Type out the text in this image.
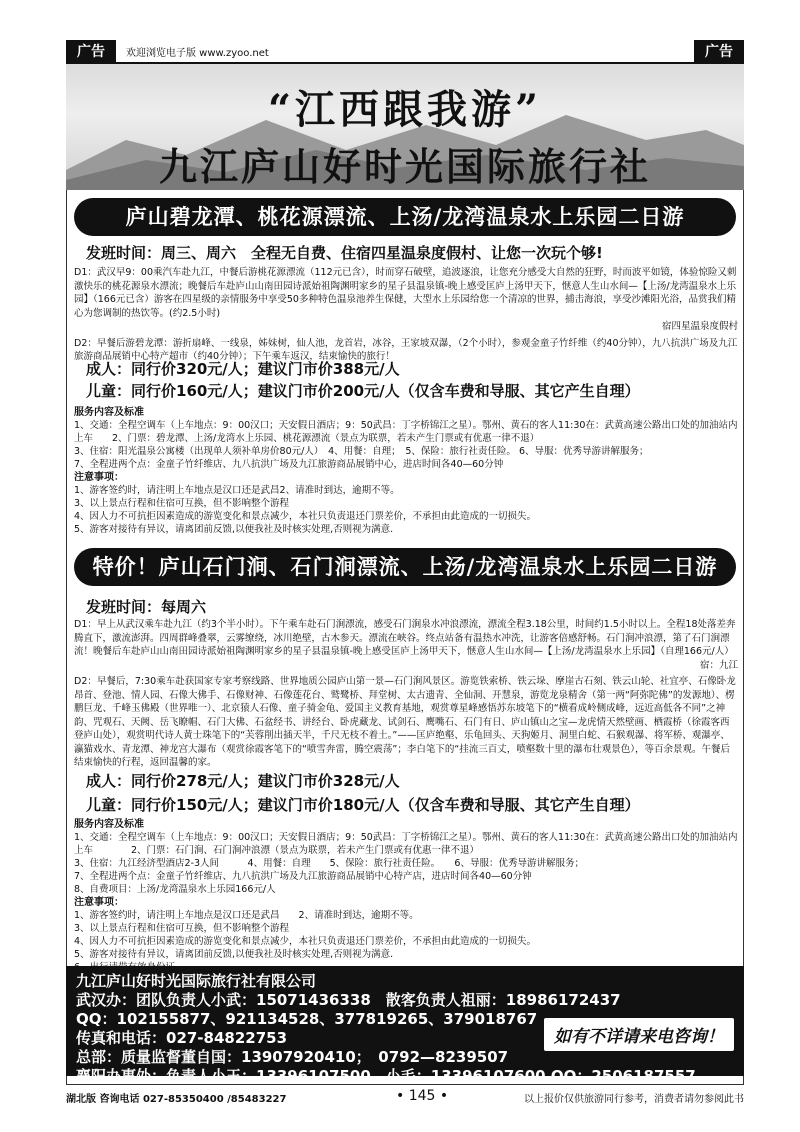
广告	欢迎浏览电子版 www.zyoo.net	广告
“江西跟我游”
九江庐山好时光国际旅行社
庐山碧龙潭、桃花源漂流、上汤/龙湾温泉水上乐园二日游
发班时间：周三、周六　全程无自费、住宿四星温泉度假村、让您一次玩个够!

D1：武汉早9：00乘汽车赴九江，中餐后游桃花源漂流（112元已含），时而穿石破壁，追波逐浪，让您充分感受大自然的狂野，时而波平如镜，体验惊险又刺激快乐的桃花源泉水漂流；晚餐后车赴庐山山南田园诗派始祖陶渊明家乡的星子县温泉镇-晚上感受匡庐上汤甲天下，惬意人生山水间—【上汤/龙湾温泉水上乐园】（166元已含）游客在四星级的亲情服务中享受50多种特色温泉池养生保健，大型水上乐园给您一个清凉的世界，捕击海浪，享受沙滩阳光浴，品赏我们精心为您调制的热饮等。(约2.5小时)

宿四星温泉度假村

D2：早餐后游碧龙潭：游折扇峰、一线泉，姊妹树，仙人池，龙首岩，冰谷，王家坡双瀑，（2个小时），参观金童子竹纤维（约40分钟），九八抗洪广场及九江旅游商品展销中心特产超市（约40分钟）；下午乘车返汉，结束愉快的旅行！

成人：同行价320元/人；建议门市价388元/人
儿童：同行价160元/人；建议门市价200元/人（仅含车费和导服、其它产生自理）
服务内容及标准
1、交通：全程空调车（上车地点：9：00汉口；天安假日酒店；9：50武昌：丁字桥锦江之星）。鄂州、黄石的客人11:30在：武黄高速公路出口处的加油站内上车　　2、门票：碧龙潭、上汤/龙湾水上乐园、桃花源漂流（景点为联票，若未产生门票或有优惠一律不退）
3、住宿：阳光温泉公寓楼（出现单人须补单房价80元/人）　4、用餐：自理；　5、保险：旅行社责任险。 6、导服：优秀导游讲解服务；
7、全程进两个点：金童子竹纤维店、九八抗洪广场及九江旅游商品展销中心，进店时间各40—60分钟
注意事项：
1、游客签约时，请注明上车地点是汉口还是武昌2、请准时到达，逾期不等。
3、以上景点行程和住宿可互换，但不影响整个游程
4、因人力不可抗拒因素造成的游览变化和景点减少，本社只负责退还门票差价，不承担由此造成的一切损失。
5、游客对接待有异议，请离团前反馈,以便我社及时核实处理,否则视为满意.
特价！庐山石门涧、石门涧漂流、上汤/龙湾温泉水上乐园二日游
发班时间：每周六

D1：早上从武汉乘车赴九江（约3个半小时）。下午乘车赴石门涧漂流，感受石门涧泉水冲浪漂流，漂流全程3.18公里，时间约1.5小时以上。全程18处落差奔腾直下，激流澎湃。四周群峰叠翠，云雾缭绕，冰川绝壁，古木参天。漂流在峡谷。终点站备有温热水冲洗，让游客倍感舒畅。石门涧冲浪漂，第了石门涧漂流！晚餐后车赴庐山山南田园诗派始祖陶渊明家乡的星子县温泉镇-晚上感受匡庐上汤甲天下，惬意人生山水间—【上汤/龙湾温泉水上乐园】（自理166元/人）

宿：九江

D2：早餐后，7:30乘车赴获国家专家考察线路、世界地质公园庐山第一景—石门涧风景区。游览铁索桥、铁云垛、摩崖古石刻、铁云山轮、社宜亭、石像卧龙昂首、登池、情人园、石像大佛手、石像财神、石像莲花台、鹫鹭桥、拜堂树、太古遗青、全仙洞、开慧泉，游览龙泉精舍（第一两“阿弥陀佛”的发源地）、楞鹏巨龙、千峰玉佛殿（世界唯一）、北京猿人石像、童子骑金龟、爱国主义教育基地，观赏尊星峰感悟苏东坡笔下的“横看成岭侧成峰，远近高低各不同”之神韵、咒观石、天阙、岳飞瞭帽、石门大佛、石盆经书、讲经台、卧虎藏龙、试剑石、鹰嘴石、石门有日、庐山镇山之宝—龙虎情天然壁画、栖霞桥（徐霞客西登庐山处），观赏明代诗人黄士珠笔下的“芙蓉削出插天半，千尺无枝不着土。”——匡庐绝壑、乐龟回头、天狗姬月、洞里白蛇、石猴观瀑、将军桥、观瀑亭、瀛猫戏水、青龙潭、神龙宫大瀑布（观赏徐霞客笔下的“喷雪奔雷，腾空震荡”；李白笔下的“挂流三百丈，喷壑数十里的瀑布壮观景色），等百余景观。午餐后结束愉快的行程，返回温馨的家。

成人：同行价278元/人；建议门市价328元/人
儿童：同行价150元/人；建议门市价180元/人（仅含车费和导服、其它产生自理）
服务内容及标准
1、交通：全程空调车（上车地点：9：00汉口；天安假日酒店；9：50武昌：丁字桥锦江之星）。鄂州、黄石的客人11:30在：武黄高速公路出口处的加油站内上车　　　　2、门票：石门涧、石门涧冲浪漂（景点为联票，若未产生门票或有优惠一律不退）
3、住宿：九江经济型酒店2-3人间　　　4、用餐：自理　　5、保险：旅行社责任险。　　6、导服：优秀导游讲解服务；
7、全程进两个点：金童子竹纤维店、九八抗洪广场及九江旅游商品展销中心特产店，进店时间各40—60分钟
8、自费项目：上汤/龙湾温泉水上乐园166元/人
注意事项：
1、游客签约时，请注明上车地点是汉口还是武昌　　2、请准时到达，逾期不等。
3、以上景点行程和住宿可互换，但不影响整个游程
4、因人力不可抗拒因素造成的游览变化和景点减少，本社只负责退还门票差价，不承担由此造成的一切损失。
5、游客对接待有异议，请离团前反馈,以便我社及时核实处理,否则视为满意.
九江庐山好时光国际旅行社有限公司
武汉办：团队负责人小武：15071436338　散客负责人祖丽：18986172437
QQ：102155877、921134528、377819265、379018767
传真和电话：027-84822753
总部：质量监督董自国：13907920410；　0792—8239507
襄阳办事处：负责人小王：13396107500　小毛：13396107600 QQ：2506187557
如有不详请来电咨询！
湖北版 咨询电话 027-85350400 /85483227	• 145 •	以上报价仅供旅游同行参考，消费者请勿参阅此书
